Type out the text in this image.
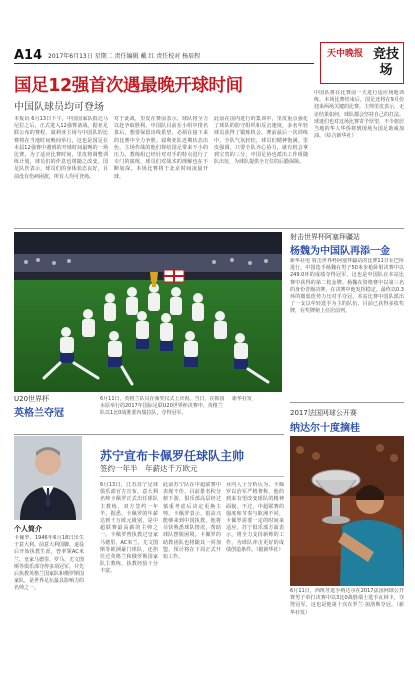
A14 2017年6月13日 星期二 责任编辑 戴 红 责任校对 杨辰程	天中晚报 竞技场
国足12强首次遇最晚开球时间
中国队球员均可登场
本报讯 6月13日下午，中国国家队抵达马尼拉之后，正式进入12强赛备战。据亚足联公布的赛程，叙利亚主场与中国队的比赛将在当地时间晚间举行，这也是国足在本届12强赛中遇到的开球时间最晚的一场比赛。为了适应比赛时间，里皮将调整训练计划，球员们的作息也将随之改变。国足队医表示，球员们的身体状态良好，目前没有伤病困扰，所有人均可登场。
对于此战，里皮在赛前表示，球队将全力以赴争取胜利。中国队目前在小组中排名靠后，想要保留出线希望，必须在接下来的比赛中全力争胜。叙利亚队近期状态出色，主场作战的他们将给国足带来不小的压力。教练组已经针对对手的特点进行了专门的演练，球员们对战术的理解也在不断加深。本场比赛将于北京时间凌晨开球。
此前在国内进行的集训中，里皮重点强化了球队的防守组织和反击速度，多名年轻球员获得了锻炼机会。赛前最后一次训练中，全队气氛轻松，球员们精神饱满。里皮强调，只要全队齐心协力，就有机会拿到宝贵的三分。中国足协也派出工作组随队出征，为球队提供全方位的后勤保障。
中国队将在比赛前一天进行适应场地训练。本场比赛结束后，国足还将在9月份迎来两场关键的比赛。主帅里皮表示，无论结果如何，球队都会坚持自己的打法。球迷们也对这场比赛寄予厚望，不少旅居当地的华人华侨将到现场为国足助威加油。（综合新华社）
U20世界杯
英格兰夺冠
6月11日，英格兰队员在颁奖仪式上庆祝。当日，在韩国水原举行的2017年国际足联U20世界杯决赛中，英格兰队以1比0战胜委内瑞拉队，夺得冠军。
新华社发
射击世界杯阿塞拜疆站
杨魏为中国队再添一金
新华社电 射击世界杯阿塞拜疆站的比赛11日在巴库进行，中国选手杨魏在男子50米步枪卧射决赛中以249.0环的成绩夺得冠军，这也是中国队在本站比赛中获得的第二枚金牌。杨魏在资格赛中以第三名的身份晋级决赛，在决赛中他发挥稳定，最终以0.3环的微弱优势力压对手夺冠。本站比赛中国队派出了一支以年轻选手为主的队伍，目前已获得多枚奖牌，在奖牌榜上位居前列。
2017法国网球公开赛
纳达尔十度摘桂
6月11日，西班牙选手纳达尔在2017法国网球公开赛男子单打决赛中以3比0战胜瑞士选手瓦林卡，夺得冠军，这也是他第十次在罗兰·加洛斯夺冠。（新华社发）
个人简介
卡佩罗，1946年6月18日出生于意大利，前意大利国脚。退役后开始执教生涯，曾率领AC米兰、皇家马德里、罗马、尤文图斯等俱乐部夺得多项冠军，并先后执教英格兰国家队和俄罗斯国家队，是世界足坛最具影响力的名帅之一。
苏宁宣布卡佩罗任球队主帅
签约一年半　年薪达千万欧元
6月13日，江苏苏宁足球俱乐部官方宣布，意大利名帅卡佩罗正式出任球队主教练，双方签约一年半。据悉，卡佩罗的年薪达到千万欧元级别，是中超联赛最高薪的主帅之一。卡佩罗曾执教过皇家马德里、AC米兰、尤文图斯等欧洲豪门球队，还担任过英格兰和俄罗斯国家队主教练，执教经验十分丰富。
此前苏宁队在中超联赛中表现不佳，目前排名积分榜下游，俱乐部高层经过慎重考虑后决定更换主帅。卡佩罗表示，很高兴能够来到中国执教，他将尽快熟悉球队情况，帮助球队摆脱困境。卡佩罗的助教团队也将随其一同加盟，预计将在下周正式开始工作。
业内人士分析认为，卡佩罗以治军严格著称，他的到来有望改变球队的精神面貌。不过，中超联赛的强度和节奏与欧洲不同，卡佩罗需要一定的时间来适应。苏宁俱乐部方面表示，将全力支持新帅的工作，为球队冲击更好的成绩创造条件。（据新华社）
